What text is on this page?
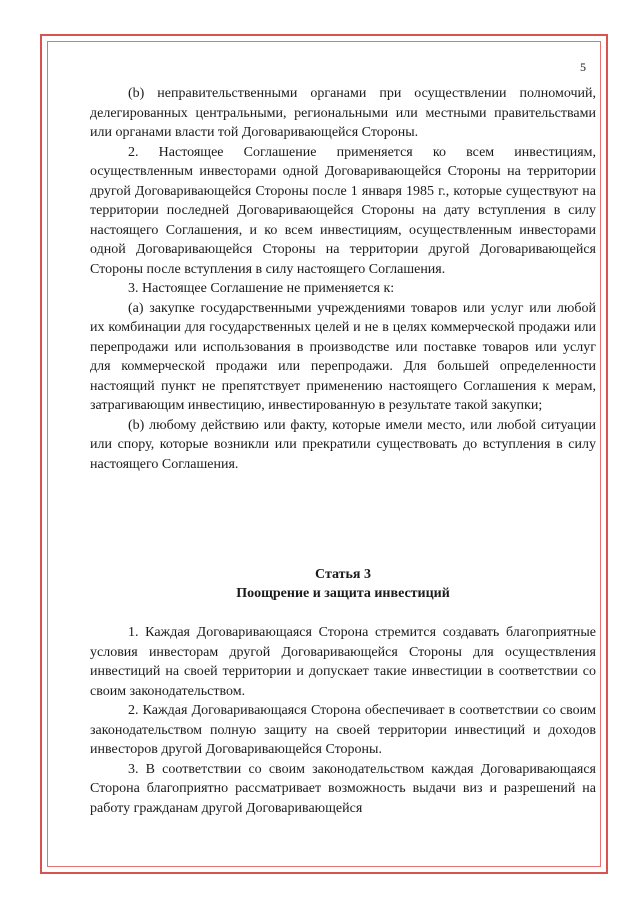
5

(b) неправительственными органами при осуществлении полномочий, делегированных центральными, региональными или местными правительствами или органами власти той Договаривающейся Стороны.

2. Настоящее Соглашение применяется ко всем инвестициям, осуществленным инвесторами одной Договаривающейся Стороны на территории другой Договаривающейся Стороны после 1 января 1985 г., которые существуют на территории последней Договаривающейся Стороны на дату вступления в силу настоящего Соглашения, и ко всем инвестициям, осуществленным инвесторами одной Договаривающейся Стороны на территории другой Договаривающейся Стороны после вступления в силу настоящего Соглашения.

3. Настоящее Соглашение не применяется к:

(a) закупке государственными учреждениями товаров или услуг или любой их комбинации для государственных целей и не в целях коммерческой продажи или перепродажи или использования в производстве или поставке товаров или услуг для коммерческой продажи или перепродажи. Для большей определенности настоящий пункт не препятствует применению настоящего Соглашения к мерам, затрагивающим инвестицию, инвестированную в результате такой закупки;

(b) любому действию или факту, которые имели место, или любой ситуации или спору, которые возникли или прекратили существовать до вступления в силу настоящего Соглашения.

Статья 3
Поощрение и защита инвестиций

1. Каждая Договаривающаяся Сторона стремится создавать благоприятные условия инвесторам другой Договаривающейся Стороны для осуществления инвестиций на своей территории и допускает такие инвестиции в соответствии со своим законодательством.

2. Каждая Договаривающаяся Сторона обеспечивает в соответствии со своим законодательством полную защиту на своей территории инвестиций и доходов инвесторов другой Договаривающейся Стороны.

3. В соответствии со своим законодательством каждая Договаривающаяся Сторона благоприятно рассматривает возможность выдачи виз и разрешений на работу гражданам другой Договаривающейся
